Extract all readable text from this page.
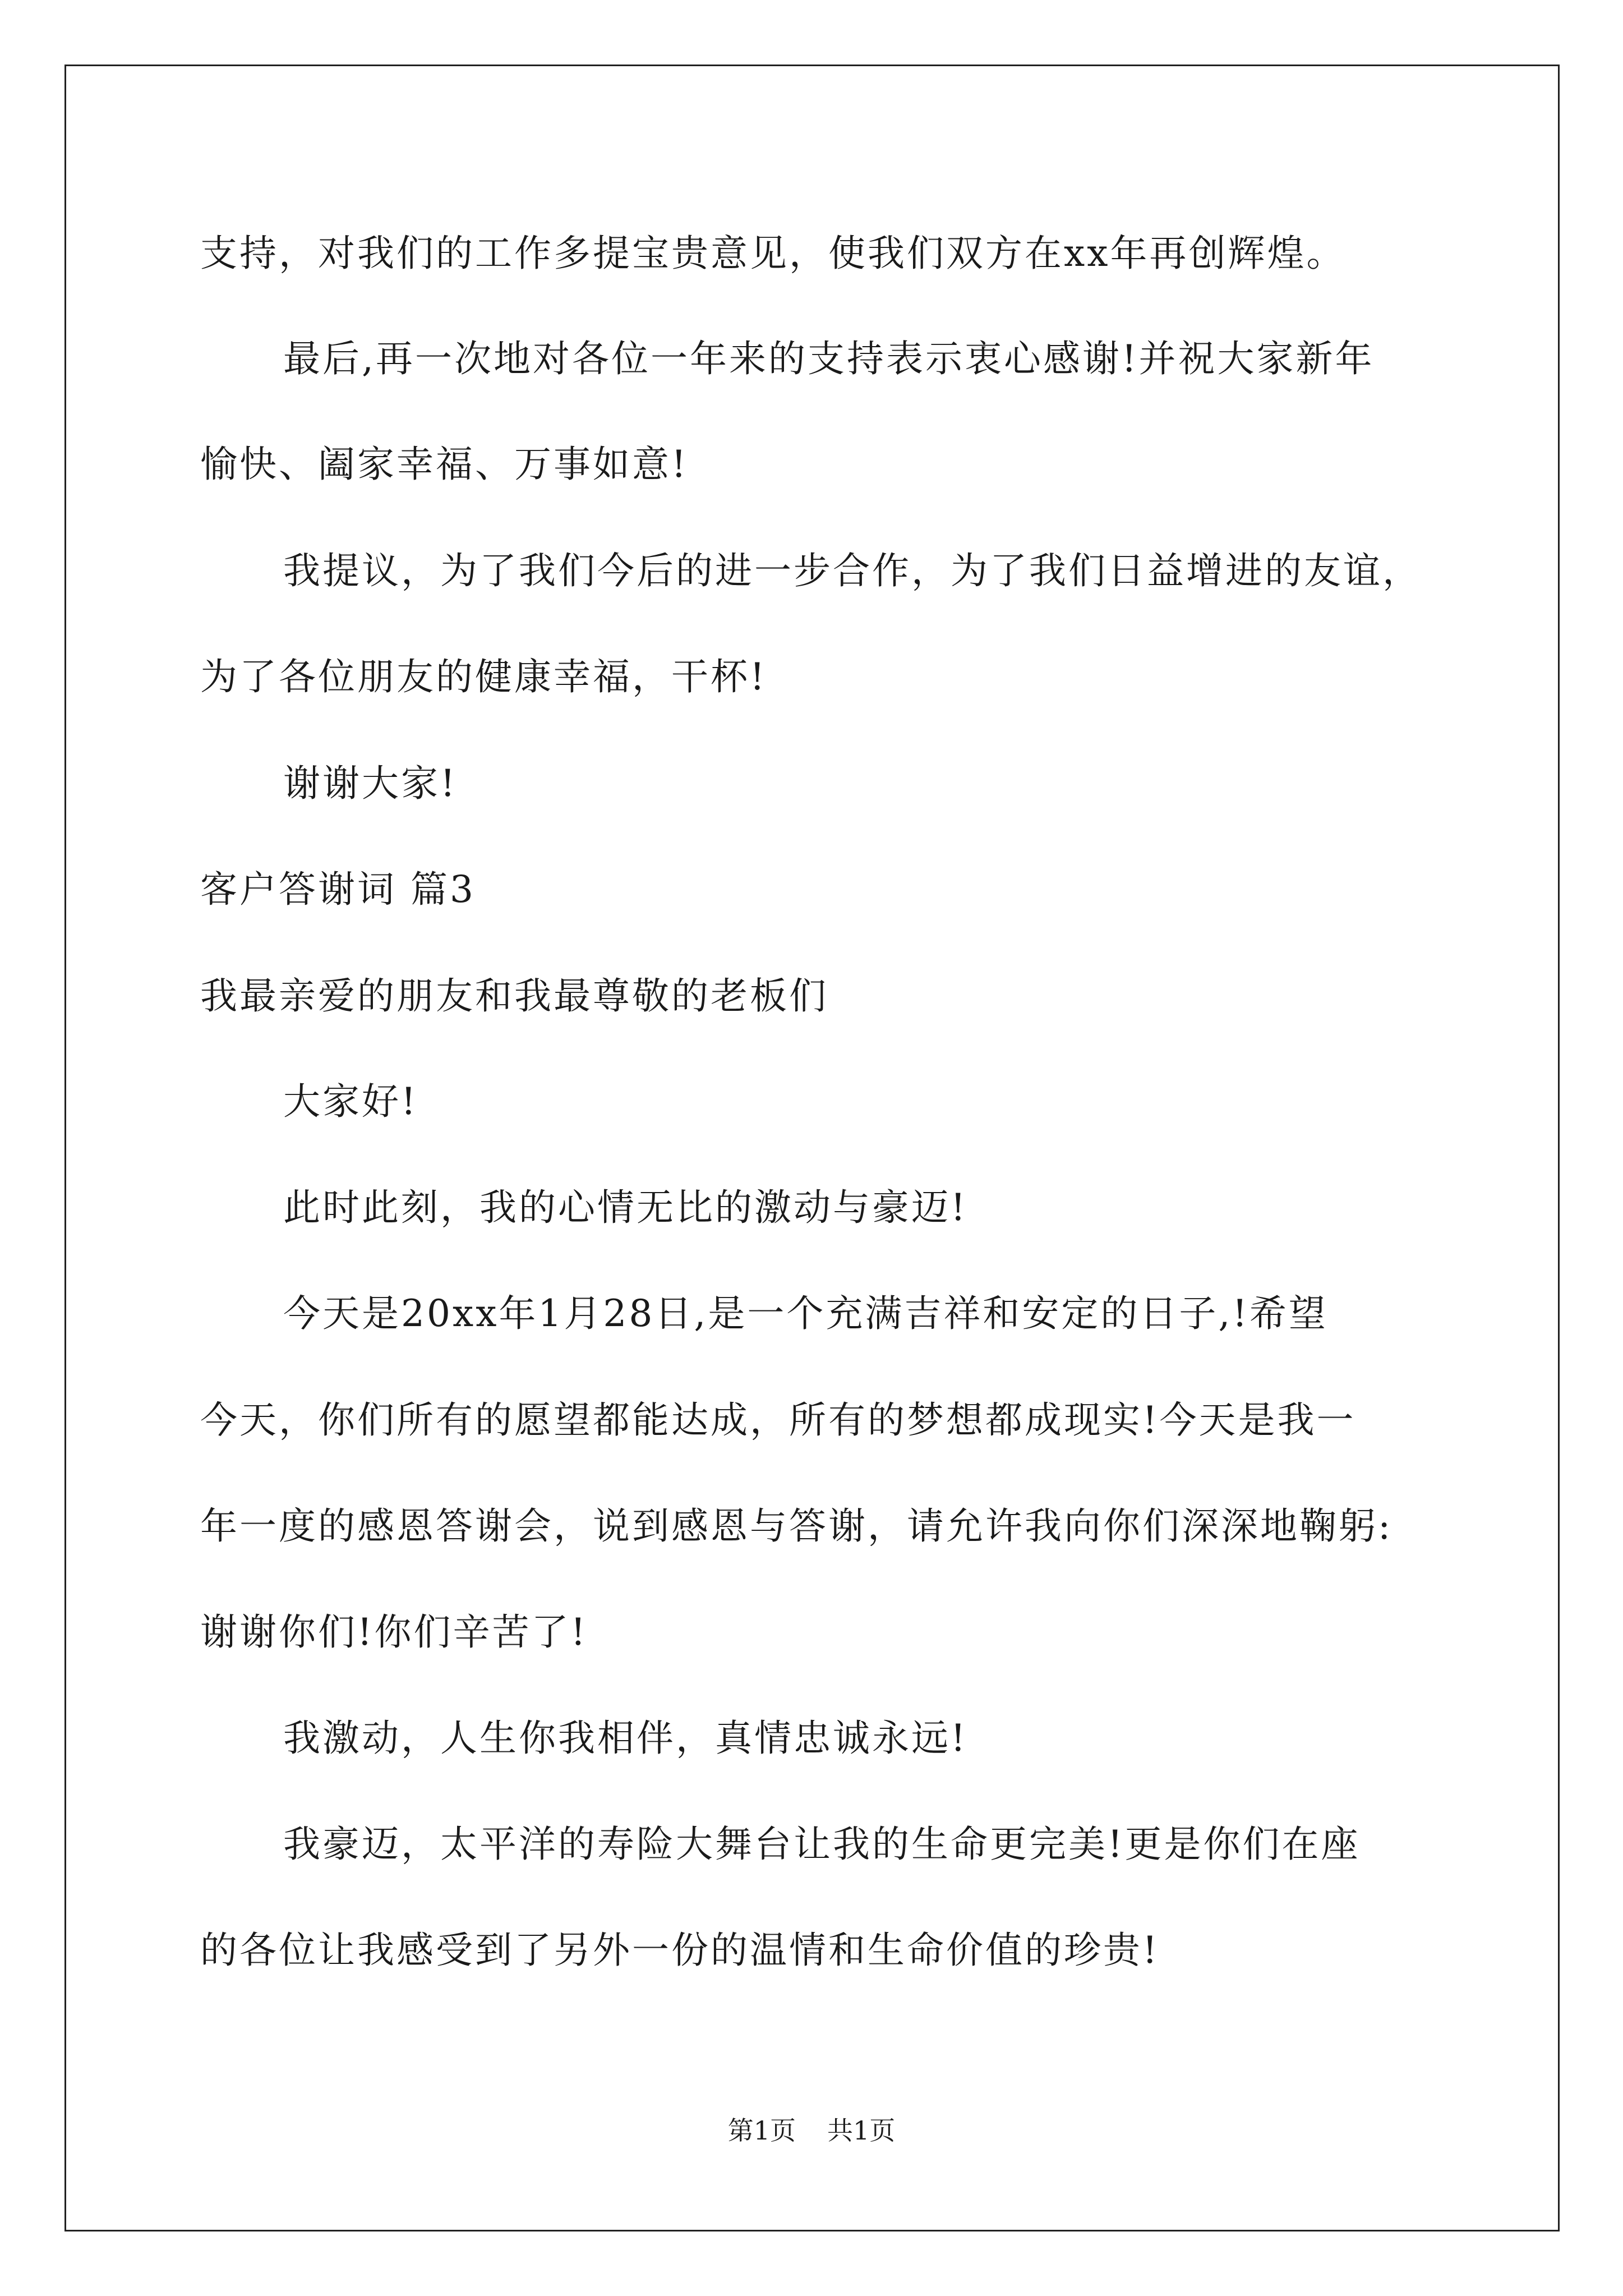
支持，对我们的工作多提宝贵意见，使我们双方在xx年再创辉煌。
最后,再一次地对各位一年来的支持表示衷心感谢!并祝大家新年
愉快、阖家幸福、万事如意!
我提议，为了我们今后的进一步合作，为了我们日益增进的友谊，
为了各位朋友的健康幸福，干杯!
谢谢大家!
客户答谢词 篇3
我最亲爱的朋友和我最尊敬的老板们
大家好!
此时此刻，我的心情无比的激动与豪迈!
今天是20xx年1月28日,是一个充满吉祥和安定的日子,!希望
今天，你们所有的愿望都能达成，所有的梦想都成现实!今天是我一
年一度的感恩答谢会，说到感恩与答谢，请允许我向你们深深地鞠躬:
谢谢你们!你们辛苦了!
我激动，人生你我相伴，真情忠诚永远!
我豪迈，太平洋的寿险大舞台让我的生命更完美!更是你们在座
的各位让我感受到了另外一份的温情和生命价值的珍贵!
第1页 共1页
